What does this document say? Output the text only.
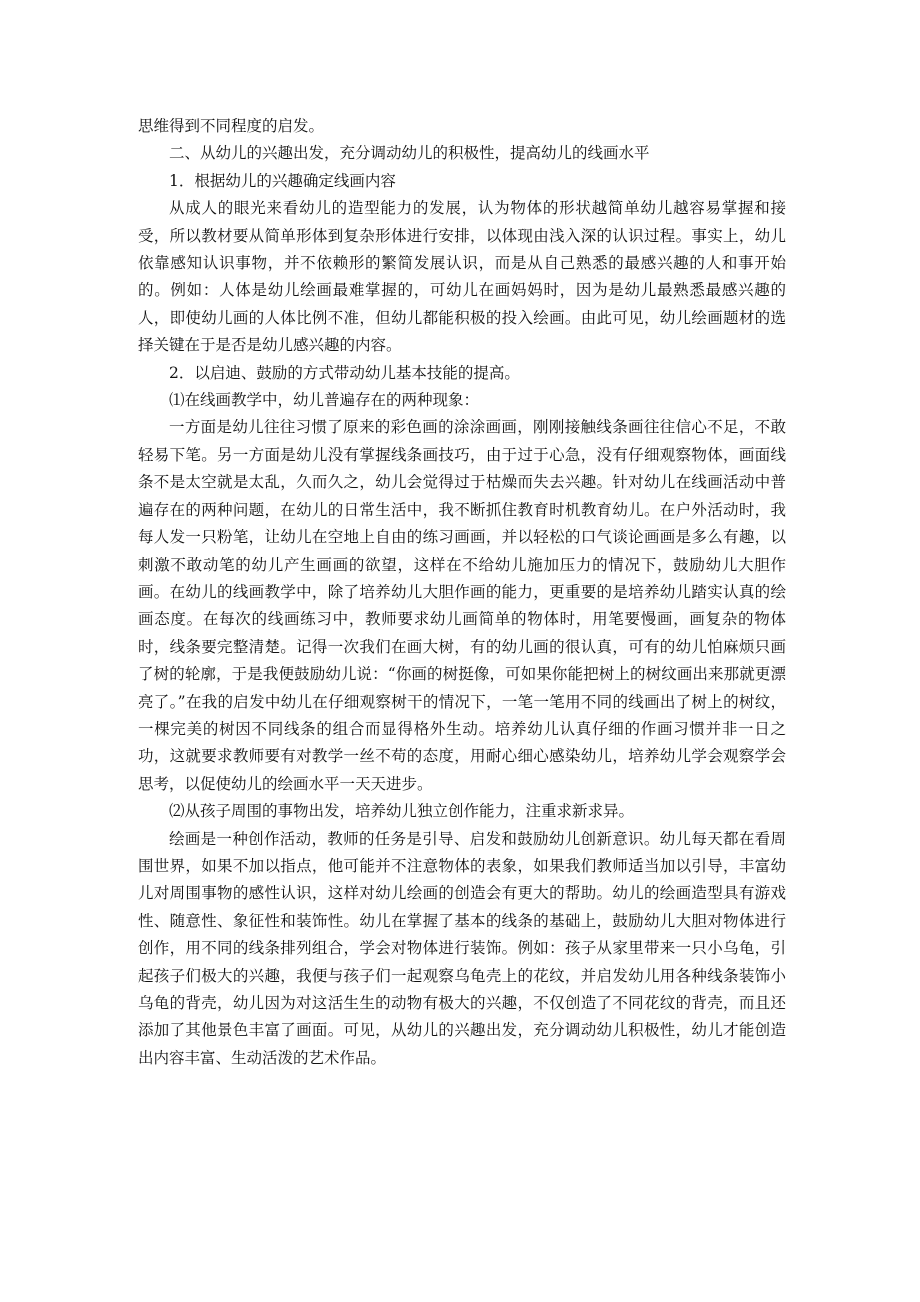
思维得到不同程度的启发。

二、从幼儿的兴趣出发，充分调动幼儿的积极性，提高幼儿的线画水平

1．根据幼儿的兴趣确定线画内容

从成人的眼光来看幼儿的造型能力的发展，认为物体的形状越简单幼儿越容易掌握和接受，所以教材要从简单形体到复杂形体进行安排，以体现由浅入深的认识过程。事实上，幼儿依靠感知认识事物，并不依赖形的繁简发展认识，而是从自己熟悉的最感兴趣的人和事开始的。例如：人体是幼儿绘画最难掌握的，可幼儿在画妈妈时，因为是幼儿最熟悉最感兴趣的人，即使幼儿画的人体比例不准，但幼儿都能积极的投入绘画。由此可见，幼儿绘画题材的选择关键在于是否是幼儿感兴趣的内容。

2．以启迪、鼓励的方式带动幼儿基本技能的提高。

⑴在线画教学中，幼儿普遍存在的两种现象：

一方面是幼儿往往习惯了原来的彩色画的涂涂画画，刚刚接触线条画往往信心不足，不敢轻易下笔。另一方面是幼儿没有掌握线条画技巧，由于过于心急，没有仔细观察物体，画面线条不是太空就是太乱，久而久之，幼儿会觉得过于枯燥而失去兴趣。针对幼儿在线画活动中普遍存在的两种问题，在幼儿的日常生活中，我不断抓住教育时机教育幼儿。在户外活动时，我每人发一只粉笔，让幼儿在空地上自由的练习画画，并以轻松的口气谈论画画是多么有趣，以刺激不敢动笔的幼儿产生画画的欲望，这样在不给幼儿施加压力的情况下，鼓励幼儿大胆作画。在幼儿的线画教学中，除了培养幼儿大胆作画的能力，更重要的是培养幼儿踏实认真的绘画态度。在每次的线画练习中，教师要求幼儿画简单的物体时，用笔要慢画，画复杂的物体时，线条要完整清楚。记得一次我们在画大树，有的幼儿画的很认真，可有的幼儿怕麻烦只画了树的轮廓，于是我便鼓励幼儿说：“你画的树挺像，可如果你能把树上的树纹画出来那就更漂亮了。”在我的启发中幼儿在仔细观察树干的情况下，一笔一笔用不同的线画出了树上的树纹，一棵完美的树因不同线条的组合而显得格外生动。培养幼儿认真仔细的作画习惯并非一日之功，这就要求教师要有对教学一丝不苟的态度，用耐心细心感染幼儿，培养幼儿学会观察学会思考，以促使幼儿的绘画水平一天天进步。

⑵从孩子周围的事物出发，培养幼儿独立创作能力，注重求新求异。

绘画是一种创作活动，教师的任务是引导、启发和鼓励幼儿创新意识。幼儿每天都在看周围世界，如果不加以指点，他可能并不注意物体的表象，如果我们教师适当加以引导，丰富幼儿对周围事物的感性认识，这样对幼儿绘画的创造会有更大的帮助。幼儿的绘画造型具有游戏性、随意性、象征性和装饰性。幼儿在掌握了基本的线条的基础上，鼓励幼儿大胆对物体进行创作，用不同的线条排列组合，学会对物体进行装饰。例如：孩子从家里带来一只小乌龟，引起孩子们极大的兴趣，我便与孩子们一起观察乌龟壳上的花纹，并启发幼儿用各种线条装饰小乌龟的背壳，幼儿因为对这活生生的动物有极大的兴趣，不仅创造了不同花纹的背壳，而且还添加了其他景色丰富了画面。可见，从幼儿的兴趣出发，充分调动幼儿积极性，幼儿才能创造出内容丰富、生动活泼的艺术作品。
